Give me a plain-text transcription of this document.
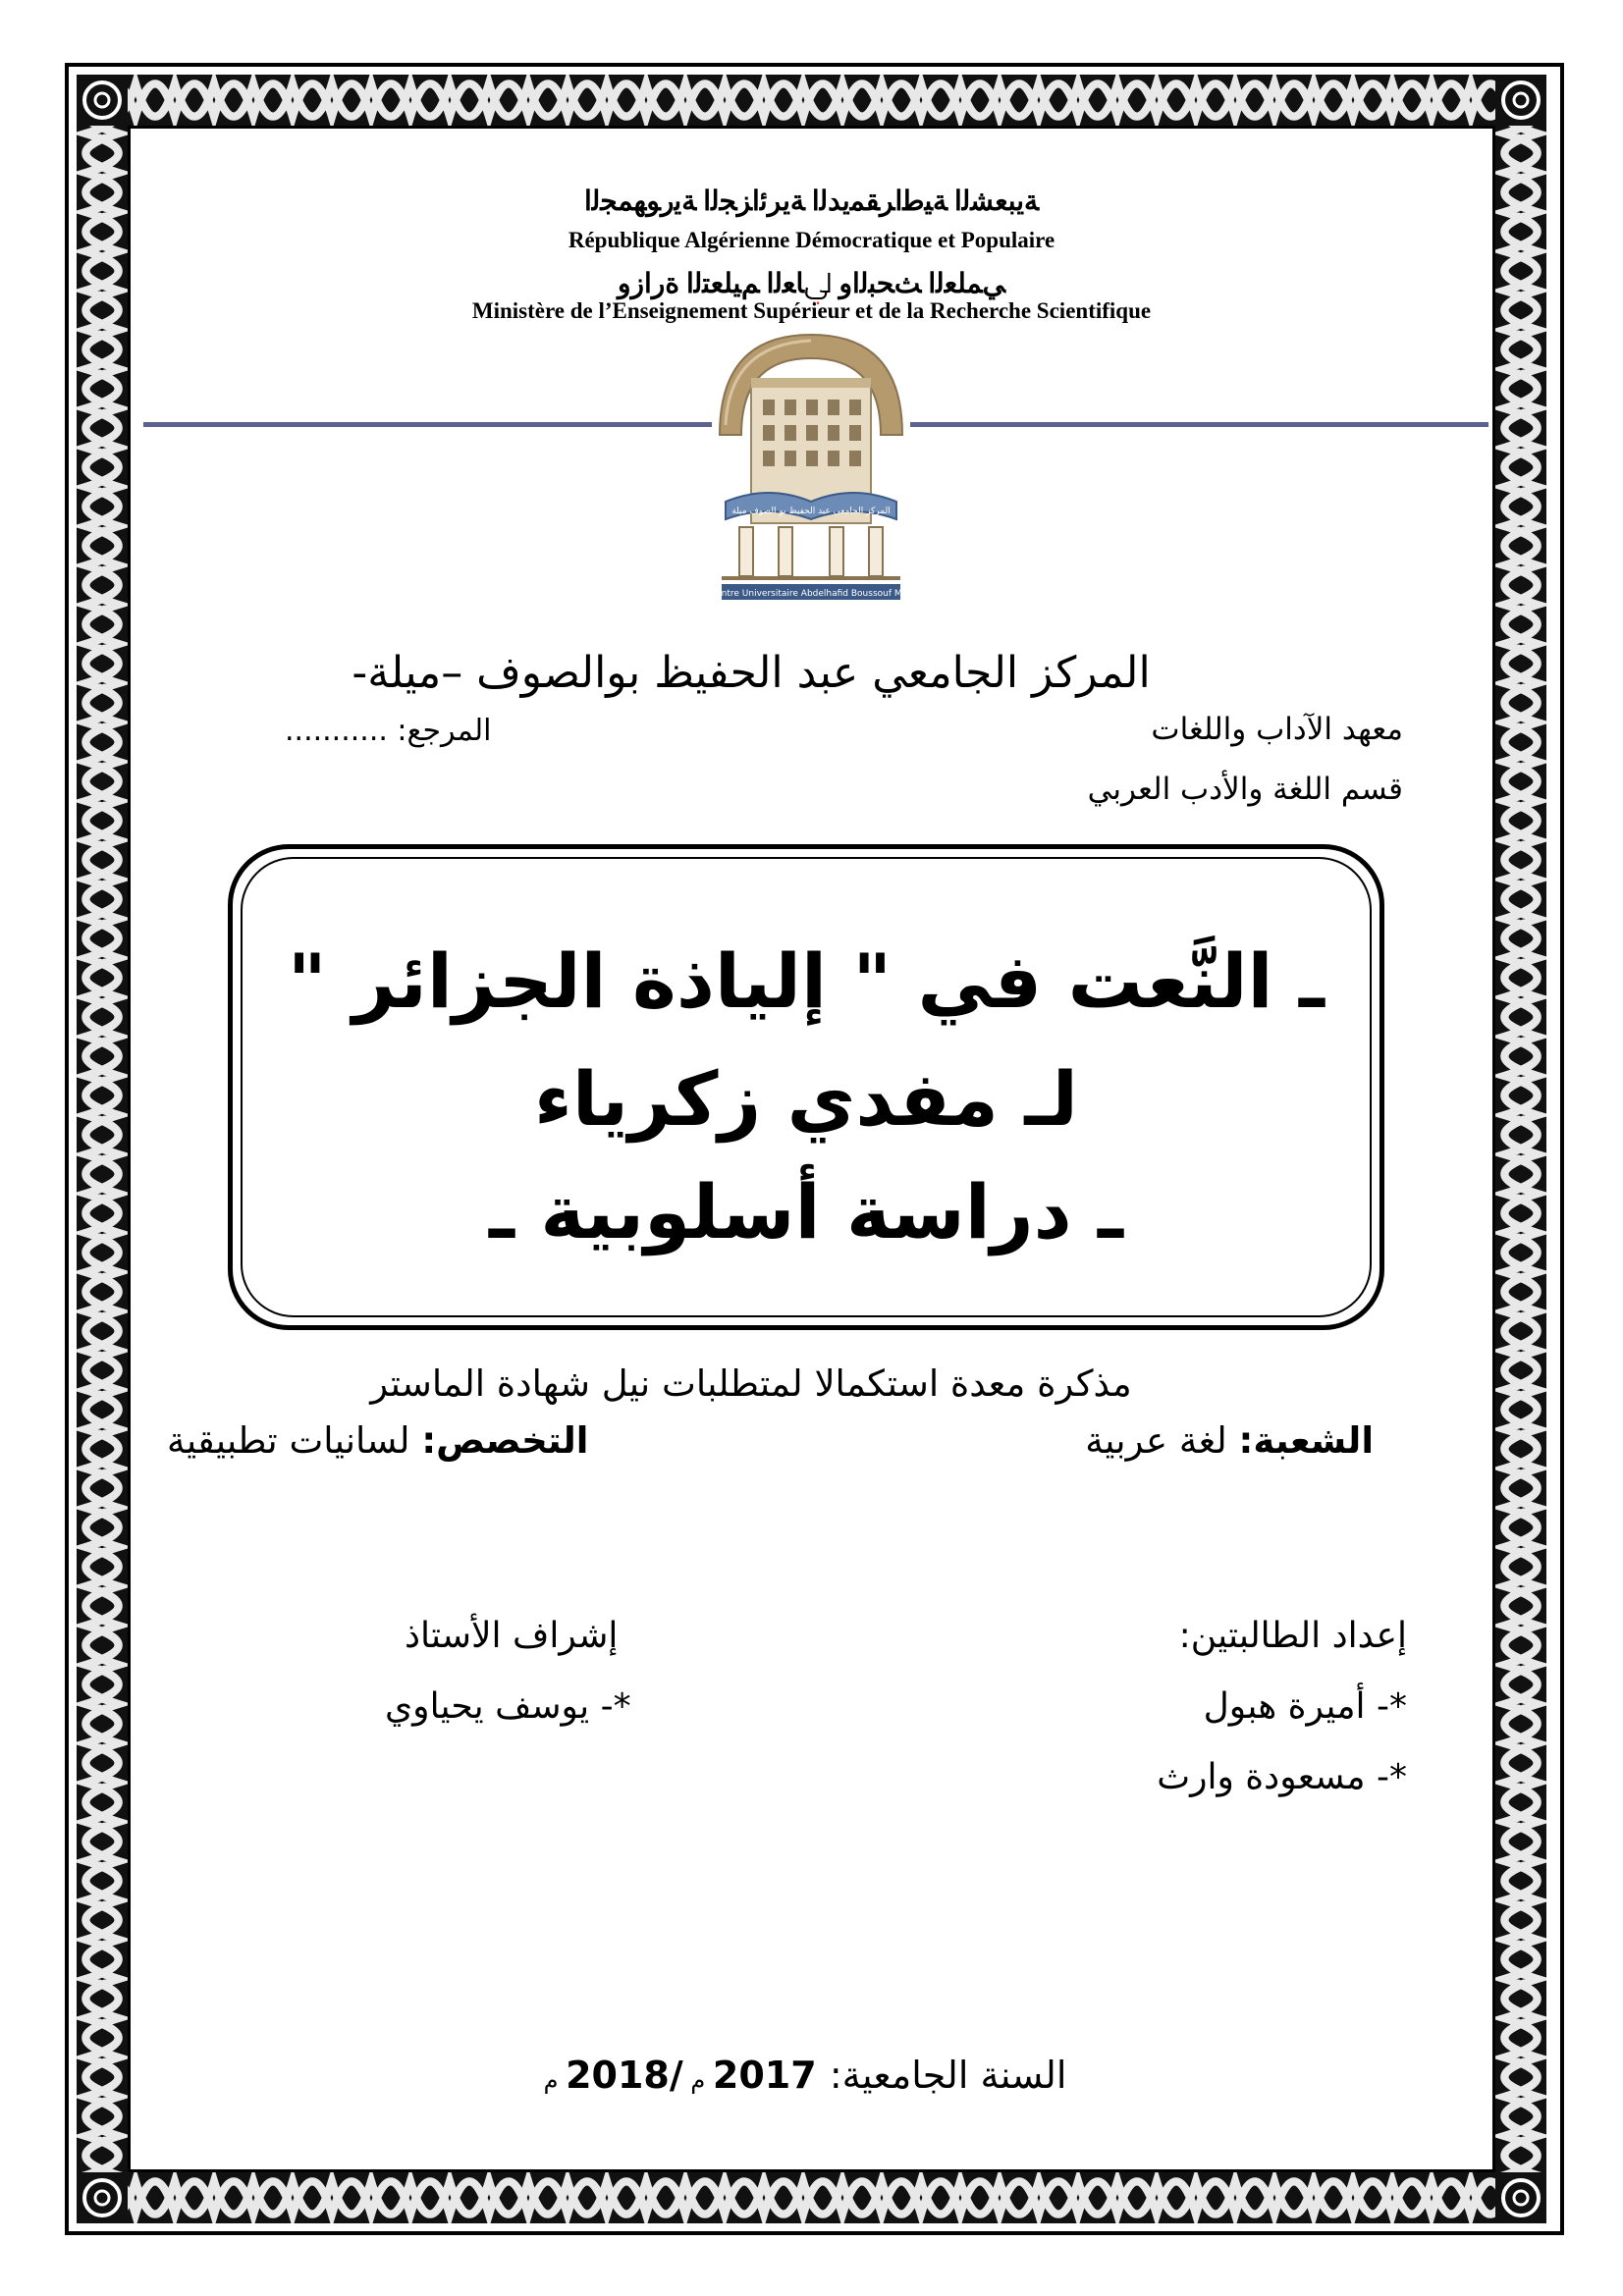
ﺔﻳﺒﻌﺸﻟا ﺔﻴﻃاﺮﻘﻤﻳﺪﻟا ﺔﻳﺮﺋاﺰﺠﻟا ﺔﻳرﻮﻬﻤﺠﻟا
République Algérienne Démocratique et Populaire
ﻲﻤﻠﻌﻟا ﺚﺤﺒﻟاو ﱄﺎﻌﻟا ﻢﻴﻠﻌﺘﻟا ةرازو
Ministère de l’Enseignement Supérieur et de la Recherche Scientifique
المركز الجامعي عبد الحفيظ بو الصوف ميلة
Centre Universitaire Abdelhafid Boussouf Mila
المركز الجامعي عبد الحفيظ بوالصوف –ميلة-
معهد الآداب واللغات
المرجع: ...........
قسم اللغة والأدب العربي
ـ النَّعت في " إلياذة الجزائر "
لـ مفدي زكرياء
ـ دراسة أسلوبية ـ
مذكرة معدة استكمالا لمتطلبات نيل شهادة الماستر
الشعبة: لغة عربية
التخصص: لسانيات تطبيقية
إعداد الطالبتين:
*- أميرة هبول
*- مسعودة وارث
إشراف الأستاذ
*- يوسف يحياوي
السنة الجامعية: 2017 م /2018 م
